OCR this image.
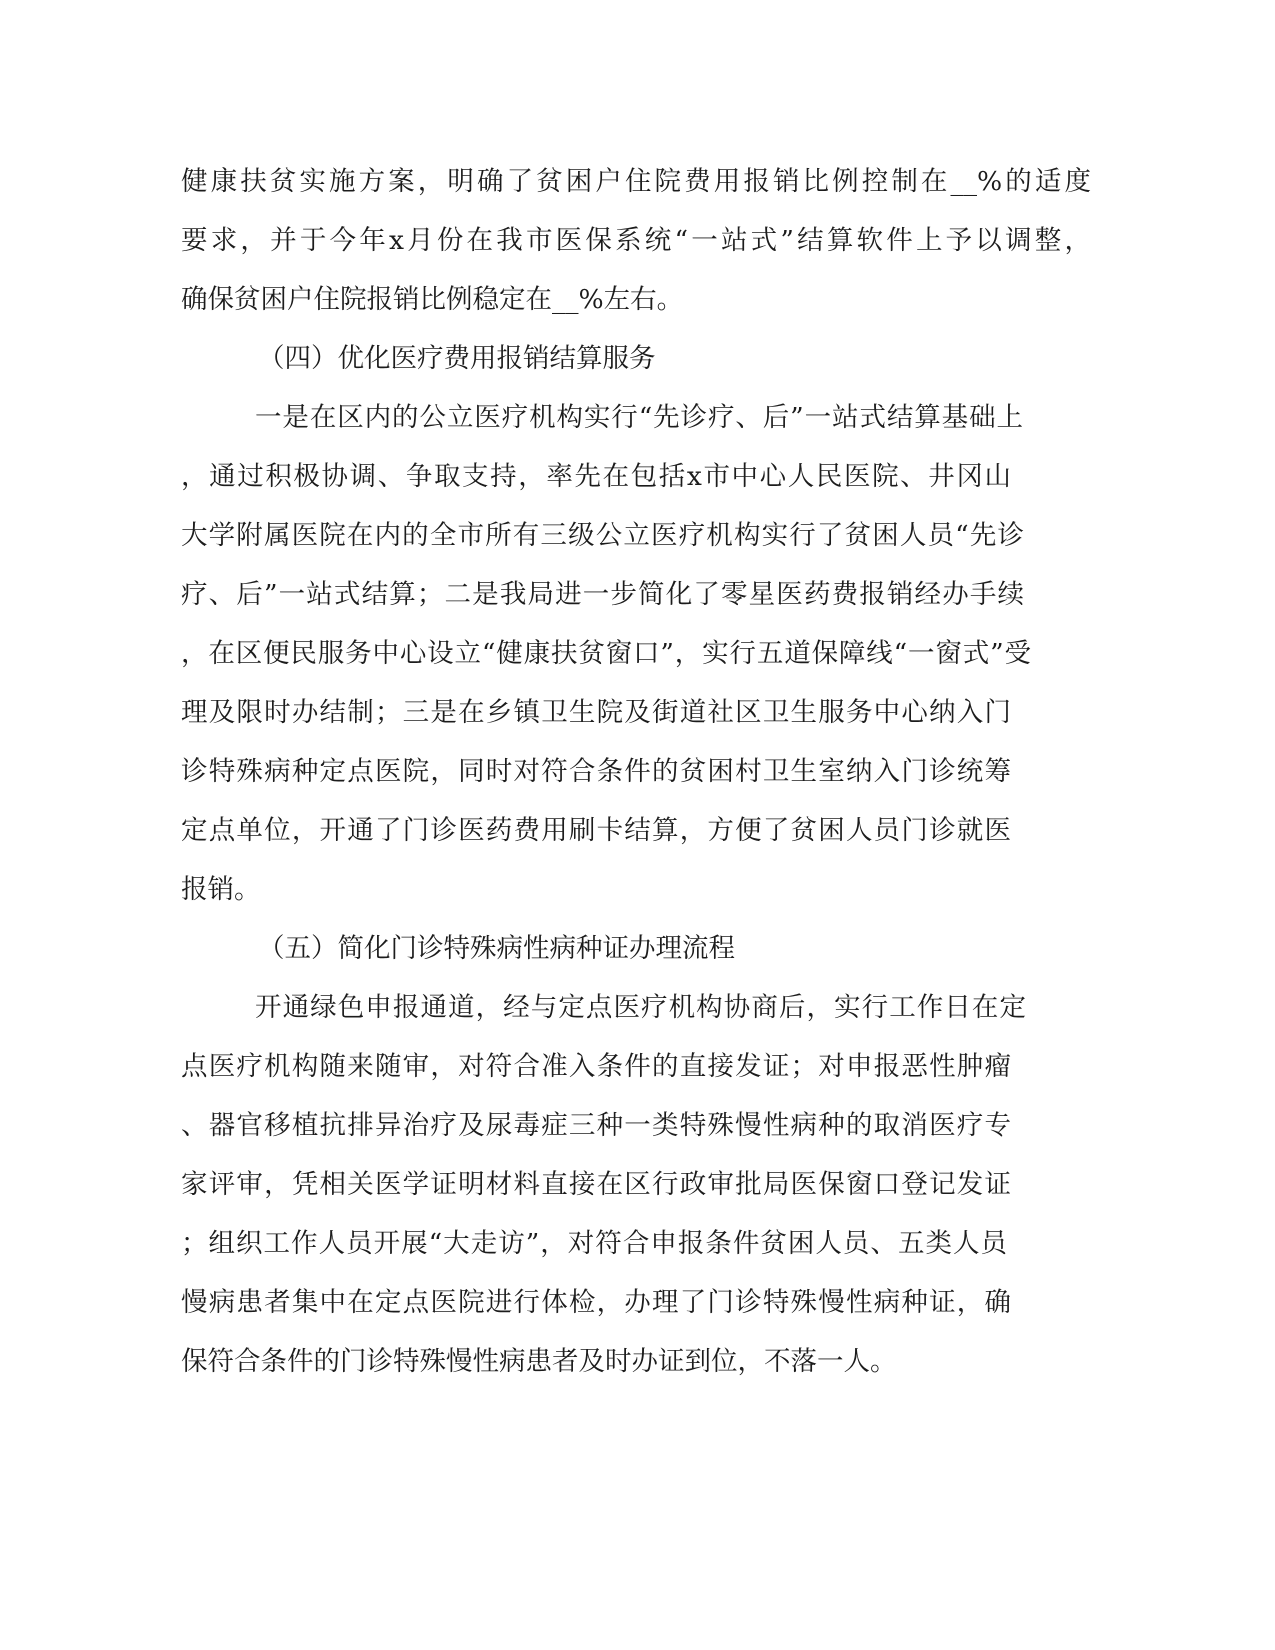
健康扶贫实施方案，明确了贫困户住院费用报销比例控制在__%的适度
要求，并于今年x月份在我市医保系统“一站式”结算软件上予以调整，
确保贫困户住院报销比例稳定在__%左右。
（四）优化医疗费用报销结算服务
一是在区内的公立医疗机构实行“先诊疗、后”一站式结算基础上
，通过积极协调、争取支持，率先在包括x市中心人民医院、井冈山
大学附属医院在内的全市所有三级公立医疗机构实行了贫困人员“先诊
疗、后”一站式结算；二是我局进一步简化了零星医药费报销经办手续
，在区便民服务中心设立“健康扶贫窗口”，实行五道保障线“一窗式”受
理及限时办结制；三是在乡镇卫生院及街道社区卫生服务中心纳入门
诊特殊病种定点医院，同时对符合条件的贫困村卫生室纳入门诊统筹
定点单位，开通了门诊医药费用刷卡结算，方便了贫困人员门诊就医
报销。
（五）简化门诊特殊病性病种证办理流程
开通绿色申报通道，经与定点医疗机构协商后，实行工作日在定
点医疗机构随来随审，对符合准入条件的直接发证；对申报恶性肿瘤
、器官移植抗排异治疗及尿毒症三种一类特殊慢性病种的取消医疗专
家评审，凭相关医学证明材料直接在区行政审批局医保窗口登记发证
；组织工作人员开展“大走访”，对符合申报条件贫困人员、五类人员
慢病患者集中在定点医院进行体检，办理了门诊特殊慢性病种证，确
保符合条件的门诊特殊慢性病患者及时办证到位，不落一人。
